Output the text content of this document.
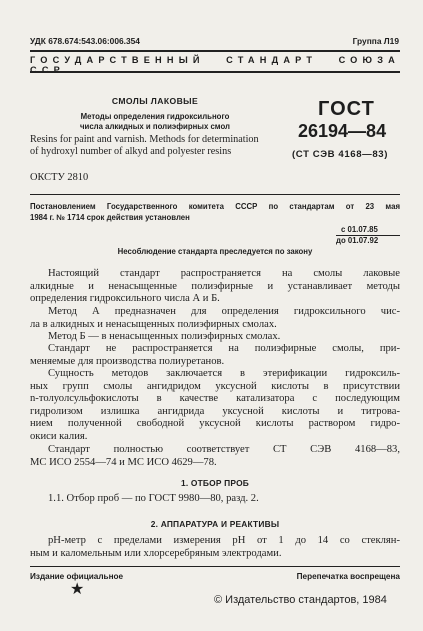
УДК 678.674:543.06:006.354	Группа Л19
ГОСУДАРСТВЕННЫЙ СТАНДАРТ СОЮЗА ССР
СМОЛЫ ЛАКОВЫЕ
Методы определения гидроксильного
числа алкидных и полиэфирных смол
Resins for paint and varnish. Methods for determination
of hydroxyl number of alkyd and polyester resins
ГОСТ
26194—84
(СТ СЭВ 4168—83)
ОКСТУ 2810
Постановлением Государственного комитета СССР по стандартам от 23 мая
1984 г. № 1714 срок действия установлен
с 01.07.85
до 01.07.92
Несоблюдение стандарта преследуется по закону
Настоящий стандарт распространяется на смолы лаковые
алкидные и ненасыщенные полиэфирные и устанавливает методы
определения гидроксильного числа А и Б.
Метод А предназначен для определения гидроксильного чис-
ла в алкидных и ненасыщенных полиэфирных смолах.
Метод Б — в ненасыщенных полиэфирных смолах.
Стандарт не распространяется на полиэфирные смолы, при-
меняемые для производства полиуретанов.
Сущность методов заключается в этерификации гидроксиль-
ных групп смолы ангидридом уксусной кислоты в присутствии
n-толуолсульфокислоты в качестве катализатора с последующим
гидролизом излишка ангидрида уксусной кислоты и титрова-
нием полученной свободной уксусной кислоты раствором гидро-
окиси калия.
Стандарт полностью соответствует СТ СЭВ 4168—83,
МС ИСО 2554—74 и МС ИСО 4629—78.
1. ОТБОР ПРОБ
1.1. Отбор проб — по ГОСТ 9980—80, разд. 2.
2. АППАРАТУРА И РЕАКТИВЫ
рН-метр с пределами измерения pH от 1 до 14 со стеклян-
ным и каломельным или хлорсеребряным электродами.
Издание официальное	Перепечатка воспрещена
★
© Издательство стандартов, 1984
